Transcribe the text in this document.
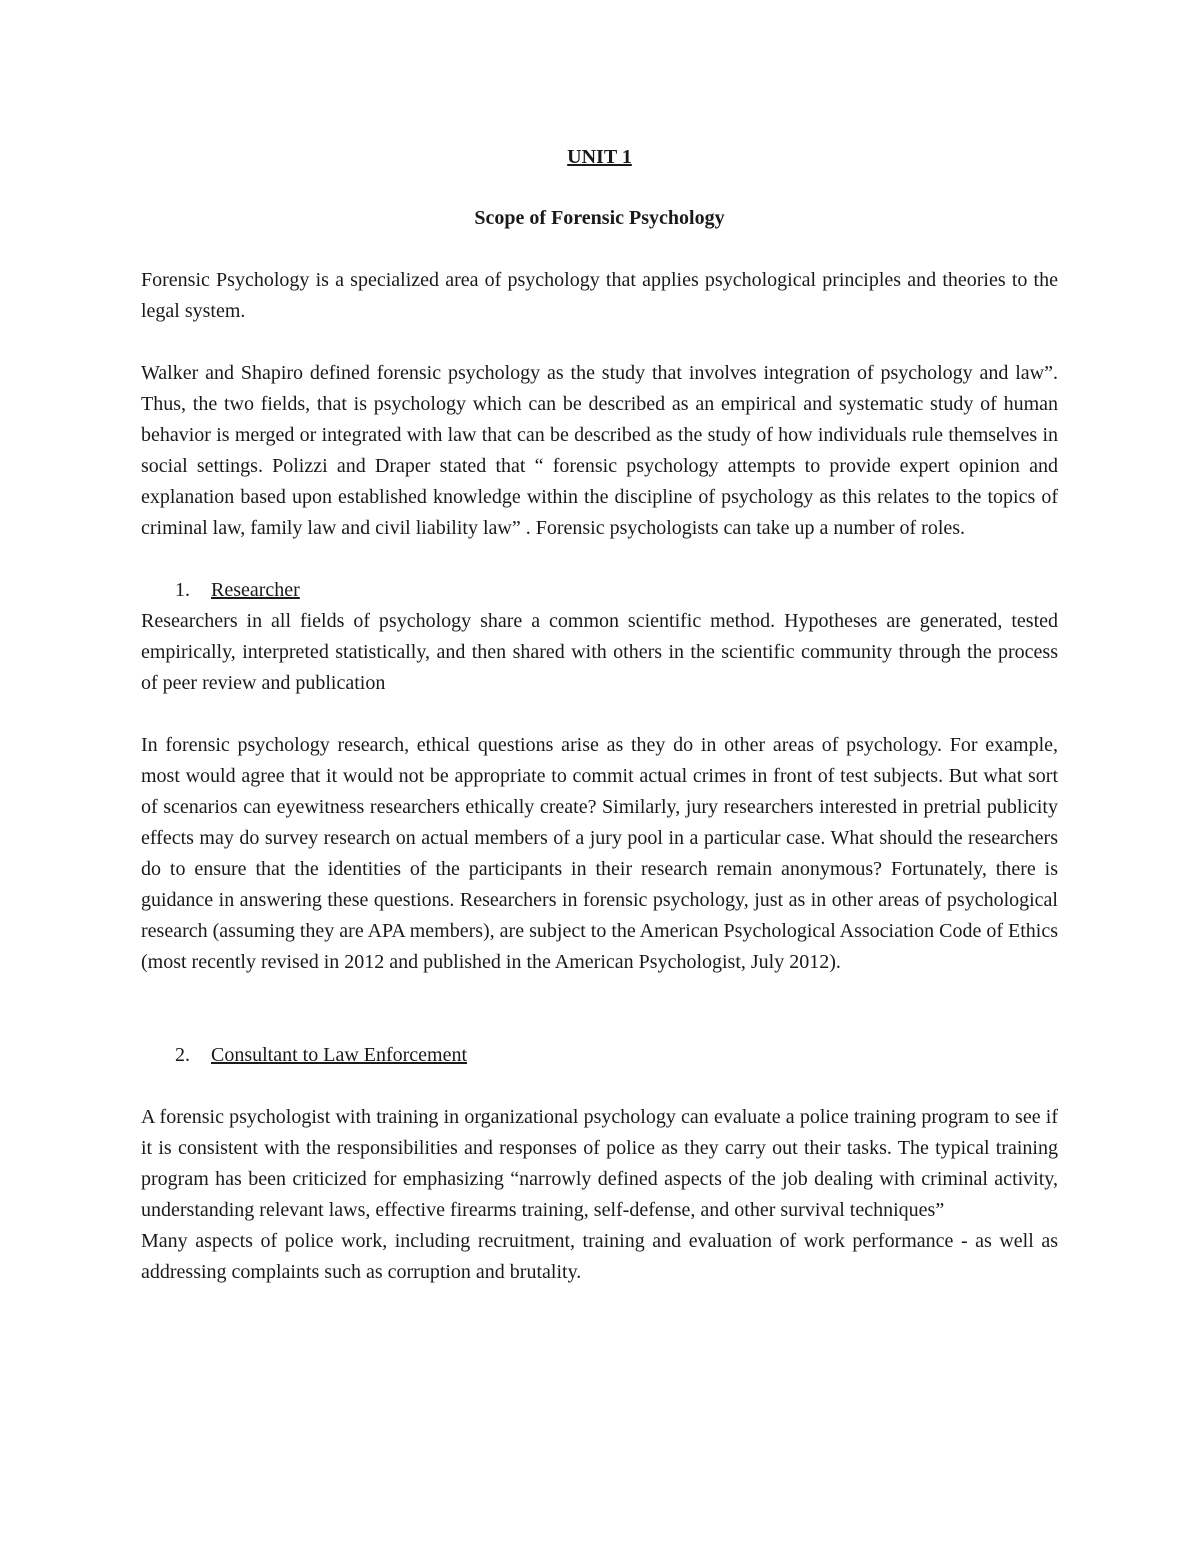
UNIT 1
Scope of Forensic Psychology

Forensic Psychology is a specialized area of psychology that applies psychological principles and theories to the legal system.

Walker and Shapiro defined forensic psychology as the study that involves integration of psychology and law”. Thus, the two fields, that is psychology which can be described as an empirical and systematic study of human behavior is merged or integrated with law that can be described as the study of how individuals rule themselves in social settings. Polizzi and Draper stated that “ forensic psychology attempts to provide expert opinion and explanation based upon established knowledge within the discipline of psychology as this relates to the topics of criminal law, family law and civil liability law” . Forensic psychologists can take up a number of roles.

1. Researcher

Researchers in all fields of psychology share a common scientific method. Hypotheses are generated, tested empirically, interpreted statistically, and then shared with others in the scientific community through the process of peer review and publication

In forensic psychology research, ethical questions arise as they do in other areas of psychology. For example, most would agree that it would not be appropriate to commit actual crimes in front of test subjects. But what sort of scenarios can eyewitness researchers ethically create? Similarly, jury researchers interested in pretrial publicity effects may do survey research on actual members of a jury pool in a particular case. What should the researchers do to ensure that the identities of the participants in their research remain anonymous? Fortunately, there is guidance in answering these questions. Researchers in forensic psychology, just as in other areas of psychological research (assuming they are APA members), are subject to the American Psychological Association Code of Ethics (most recently revised in 2012 and published in the American Psychologist, July 2012).

2. Consultant to Law Enforcement

A forensic psychologist with training in organizational psychology can evaluate a police training program to see if it is consistent with the responsibilities and responses of police as they carry out their tasks. The typical training program has been criticized for emphasizing “narrowly defined aspects of the job dealing with criminal activity, understanding relevant laws, effective firearms training, self-defense, and other survival techniques”

Many aspects of police work, including recruitment, training and evaluation of work performance - as well as addressing complaints such as corruption and brutality.
